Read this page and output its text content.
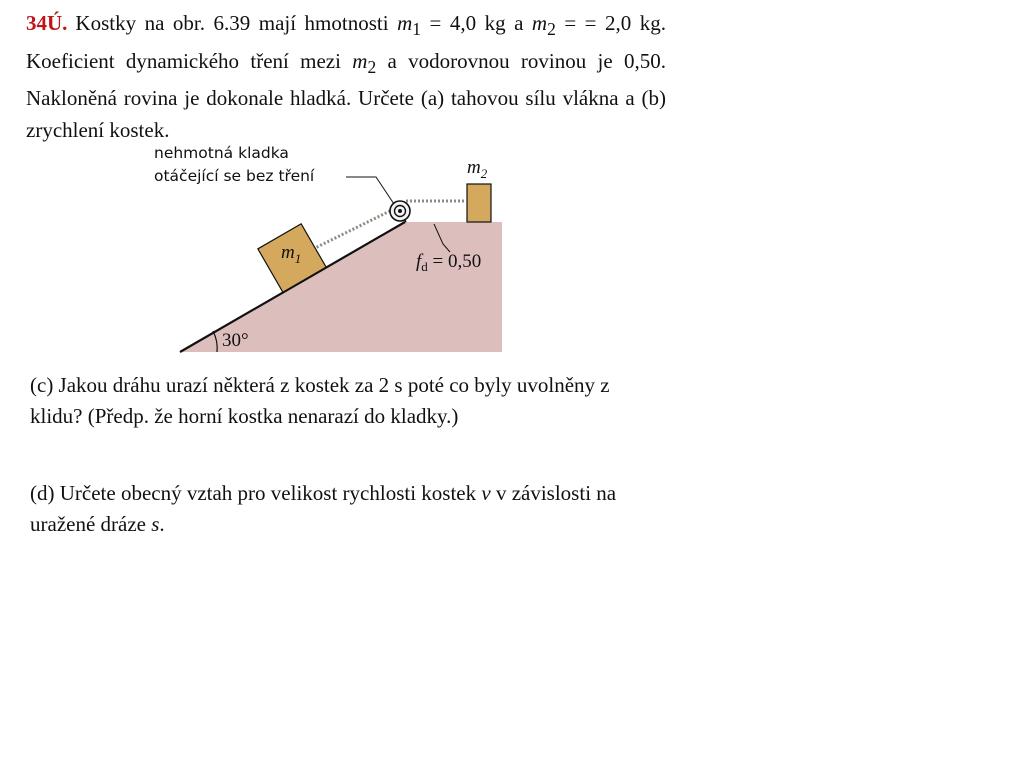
34Ú. Kostky na obr. 6.39 mají hmotnosti $m_1 = 4,0$ kg a $m_2$ = = 2,0 kg. Koeficient dynamického tření mezi $m_2$ a vodorovnou rovinou je 0,50. Nakloněná rovina je dokonale hladká. Určete (a) tahovou sílu vlákna a (b) zrychlení kostek.
$m_1$
$m_2$
nehmotná kladka
otáčející se bez tření
$f_d = 0,50$
30°
(c) Jakou dráhu urazí některá z kostek za 2 s poté co byly uvolněny z klidu? (Předp. že horní kostka nenarazí do kladky.)
(d) Určete obecný vztah pro velikost rychlosti kostek v v závislosti na uražené dráze s.
